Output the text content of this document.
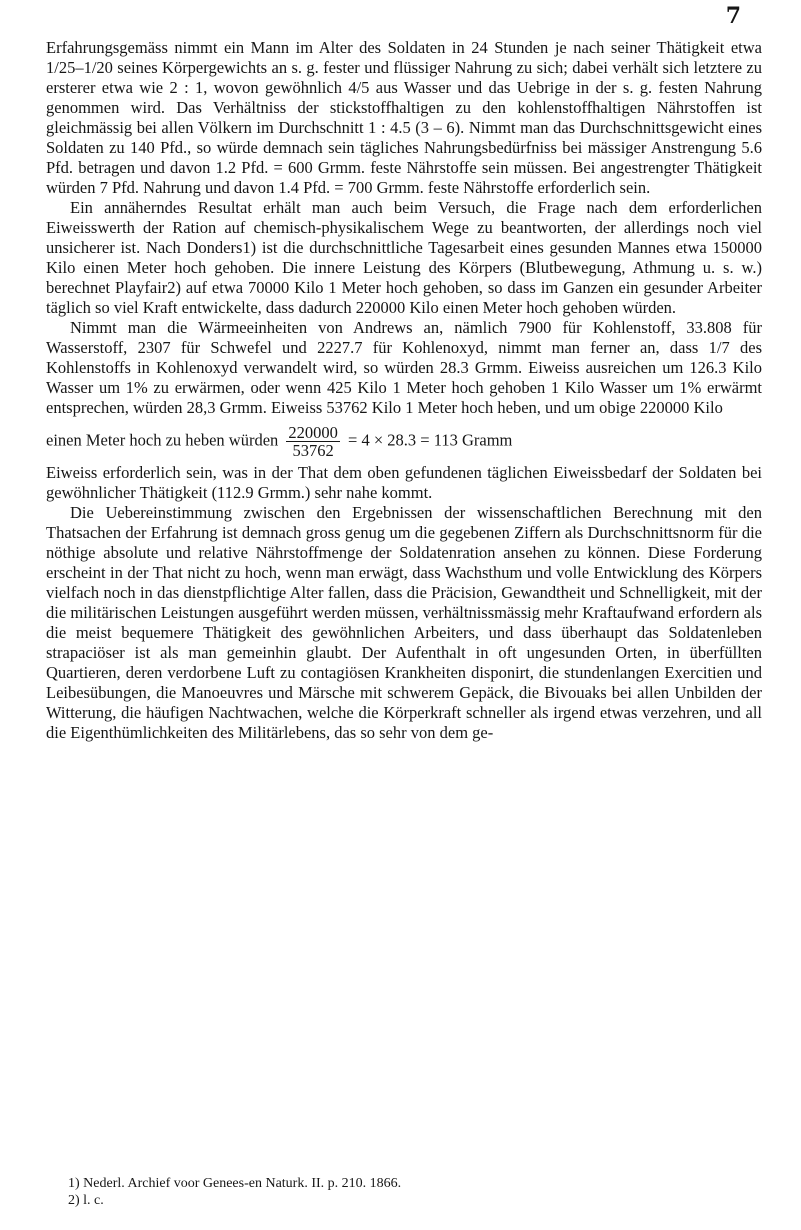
7

Erfahrungsgemäss nimmt ein Mann im Alter des Soldaten in 24 Stunden je nach seiner Thätigkeit etwa 1/25–1/20 seines Körpergewichts an s. g. fester und flüssiger Nahrung zu sich; dabei verhält sich letztere zu ersterer etwa wie 2 : 1, wovon gewöhnlich 4/5 aus Wasser und das Uebrige in der s. g. festen Nahrung genommen wird. Das Verhältniss der stickstoffhaltigen zu den kohlenstoffhaltigen Nährstoffen ist gleichmässig bei allen Völkern im Durchschnitt 1 : 4.5 (3 – 6). Nimmt man das Durchschnittsgewicht eines Soldaten zu 140 Pfd., so würde demnach sein tägliches Nahrungsbedürfniss bei mässiger Anstrengung 5.6 Pfd. betragen und davon 1.2 Pfd. = 600 Grmm. feste Nährstoffe sein müssen. Bei angestrengter Thätigkeit würden 7 Pfd. Nahrung und davon 1.4 Pfd. = 700 Grmm. feste Nährstoffe erforderlich sein.

Ein annäherndes Resultat erhält man auch beim Versuch, die Frage nach dem erforderlichen Eiweisswerth der Ration auf chemisch-physikalischem Wege zu beantworten, der allerdings noch viel unsicherer ist. Nach Donders1) ist die durchschnittliche Tagesarbeit eines gesunden Mannes etwa 150000 Kilo einen Meter hoch gehoben. Die innere Leistung des Körpers (Blutbewegung, Athmung u. s. w.) berechnet Playfair2) auf etwa 70000 Kilo 1 Meter hoch gehoben, so dass im Ganzen ein gesunder Arbeiter täglich so viel Kraft entwickelte, dass dadurch 220000 Kilo einen Meter hoch gehoben würden.

Nimmt man die Wärmeeinheiten von Andrews an, nämlich 7900 für Kohlenstoff, 33.808 für Wasserstoff, 2307 für Schwefel und 2227.7 für Kohlenoxyd, nimmt man ferner an, dass 1/7 des Kohlenstoffs in Kohlenoxyd verwandelt wird, so würden 28.3 Grmm. Eiweiss ausreichen um 126.3 Kilo Wasser um 1% zu erwärmen, oder wenn 425 Kilo 1 Meter hoch gehoben 1 Kilo Wasser um 1% erwärmt entsprechen, würden 28,3 Grmm. Eiweiss 53762 Kilo 1 Meter hoch heben, und um obige 220000 Kilo

einen Meter hoch zu heben würden $\frac{220000}{53762} = 4 \times 28.3 = 113$ Gramm

Eiweiss erforderlich sein, was in der That dem oben gefundenen täglichen Eiweissbedarf der Soldaten bei gewöhnlicher Thätigkeit (112.9 Grmm.) sehr nahe kommt.

Die Uebereinstimmung zwischen den Ergebnissen der wissenschaftlichen Berechnung mit den Thatsachen der Erfahrung ist demnach gross genug um die gegebenen Ziffern als Durchschnittsnorm für die nöthige absolute und relative Nährstoffmenge der Soldatenration ansehen zu können. Diese Forderung erscheint in der That nicht zu hoch, wenn man erwägt, dass Wachsthum und volle Entwicklung des Körpers vielfach noch in das dienstpflichtige Alter fallen, dass die Präcision, Gewandtheit und Schnelligkeit, mit der die militärischen Leistungen ausgeführt werden müssen, verhältnissmässig mehr Kraftaufwand erfordern als die meist bequemere Thätigkeit des gewöhnlichen Arbeiters, und dass überhaupt das Soldatenleben strapaciöser ist als man gemeinhin glaubt. Der Aufenthalt in oft ungesunden Orten, in überfüllten Quartieren, deren verdorbene Luft zu contagiösen Krankheiten disponirt, die stundenlangen Exercitien und Leibesübungen, die Manoeuvres und Märsche mit schwerem Gepäck, die Bivouaks bei allen Unbilden der Witterung, die häufigen Nachtwachen, welche die Körperkraft schneller als irgend etwas verzehren, und all die Eigenthümlichkeiten des Militärlebens, das so sehr von dem ge-

1) Nederl. Archief voor Genees-en Naturk. II. p. 210. 1866.
2) l. c.
